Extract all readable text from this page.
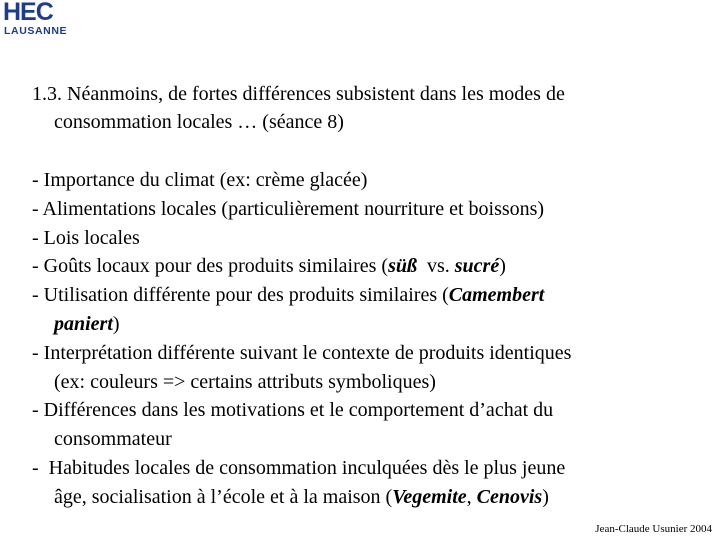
HEC
LAUSANNE
1.3. Néanmoins, de fortes différences subsistent dans les modes de
consommation locales … (séance 8)
- Importance du climat (ex: crème glacée)
- Alimentations locales (particulièrement nourriture et boissons)
- Lois locales
- Goûts locaux pour des produits similaires (süß  vs. sucré)
- Utilisation différente pour des produits similaires (Camembert
paniert)
- Interprétation différente suivant le contexte de produits identiques
(ex: couleurs => certains attributs symboliques)
- Différences dans les motivations et le comportement d’achat du
consommateur
-  Habitudes locales de consommation inculquées dès le plus jeune
âge, socialisation à l’école et à la maison (Vegemite, Cenovis)
Jean-Claude Usunier 2004
